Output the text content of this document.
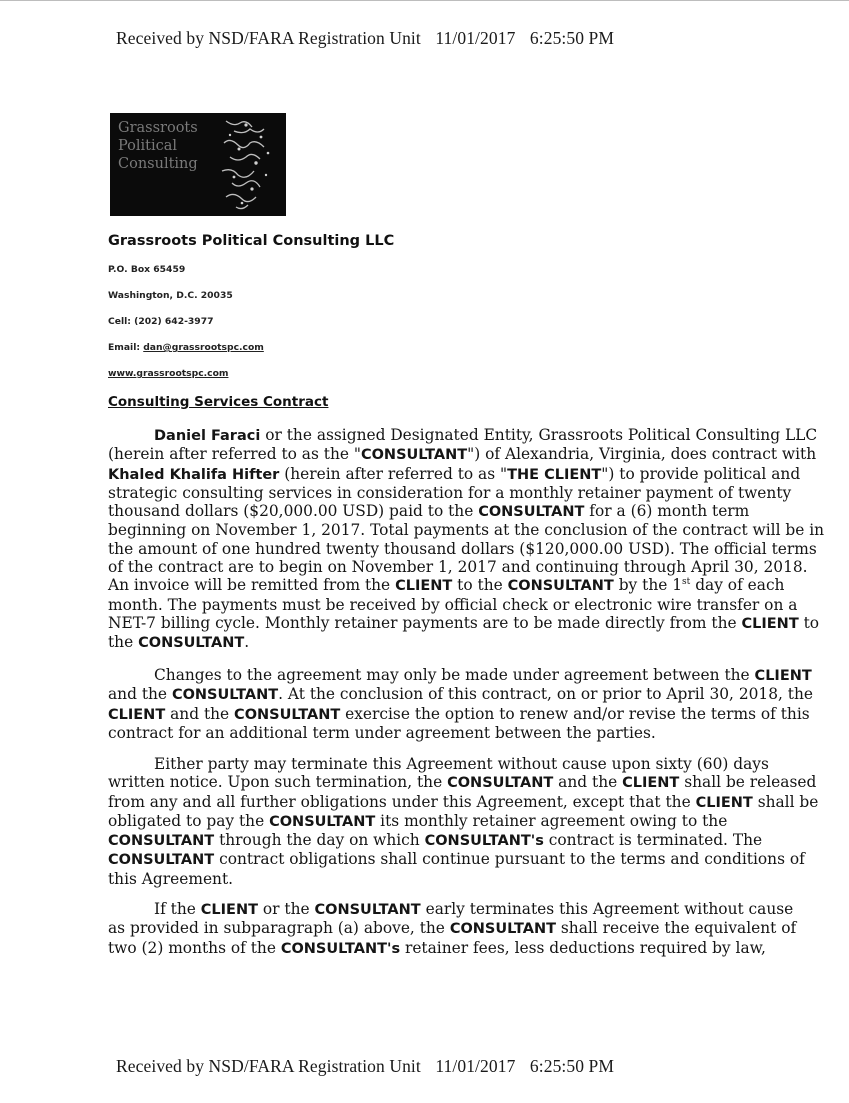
Received by NSD/FARA Registration Unit 11/01/2017 6:25:50 PM
Grassroots
Political
Consulting
Grassroots Political Consulting LLC
P.O. Box 65459
Washington, D.C. 20035
Cell: (202) 642-3977
Email: dan@grassrootspc.com
www.grassrootspc.com
Consulting Services Contract
Daniel Faraci or the assigned Designated Entity, Grassroots Political Consulting LLC
(herein after referred to as the "CONSULTANT") of Alexandria, Virginia, does contract with
Khaled Khalifa Hifter (herein after referred to as "THE CLIENT") to provide political and
strategic consulting services in consideration for a monthly retainer payment of twenty
thousand dollars ($20,000.00 USD) paid to the CONSULTANT for a (6) month term
beginning on November 1, 2017. Total payments at the conclusion of the contract will be in
the amount of one hundred twenty thousand dollars ($120,000.00 USD). The official terms
of the contract are to begin on November 1, 2017 and continuing through April 30, 2018.
An invoice will be remitted from the CLIENT to the CONSULTANT by the 1st day of each
month. The payments must be received by official check or electronic wire transfer on a
NET-7 billing cycle. Monthly retainer payments are to be made directly from the CLIENT to
the CONSULTANT.
Changes to the agreement may only be made under agreement between the CLIENT
and the CONSULTANT. At the conclusion of this contract, on or prior to April 30, 2018, the
CLIENT and the CONSULTANT exercise the option to renew and/or revise the terms of this
contract for an additional term under agreement between the parties.
Either party may terminate this Agreement without cause upon sixty (60) days
written notice. Upon such termination, the CONSULTANT and the CLIENT shall be released
from any and all further obligations under this Agreement, except that the CLIENT shall be
obligated to pay the CONSULTANT its monthly retainer agreement owing to the
CONSULTANT through the day on which CONSULTANT's contract is terminated. The
CONSULTANT contract obligations shall continue pursuant to the terms and conditions of
this Agreement.
If the CLIENT or the CONSULTANT early terminates this Agreement without cause
as provided in subparagraph (a) above, the CONSULTANT shall receive the equivalent of
two (2) months of the CONSULTANT's retainer fees, less deductions required by law,
Received by NSD/FARA Registration Unit 11/01/2017 6:25:50 PM
